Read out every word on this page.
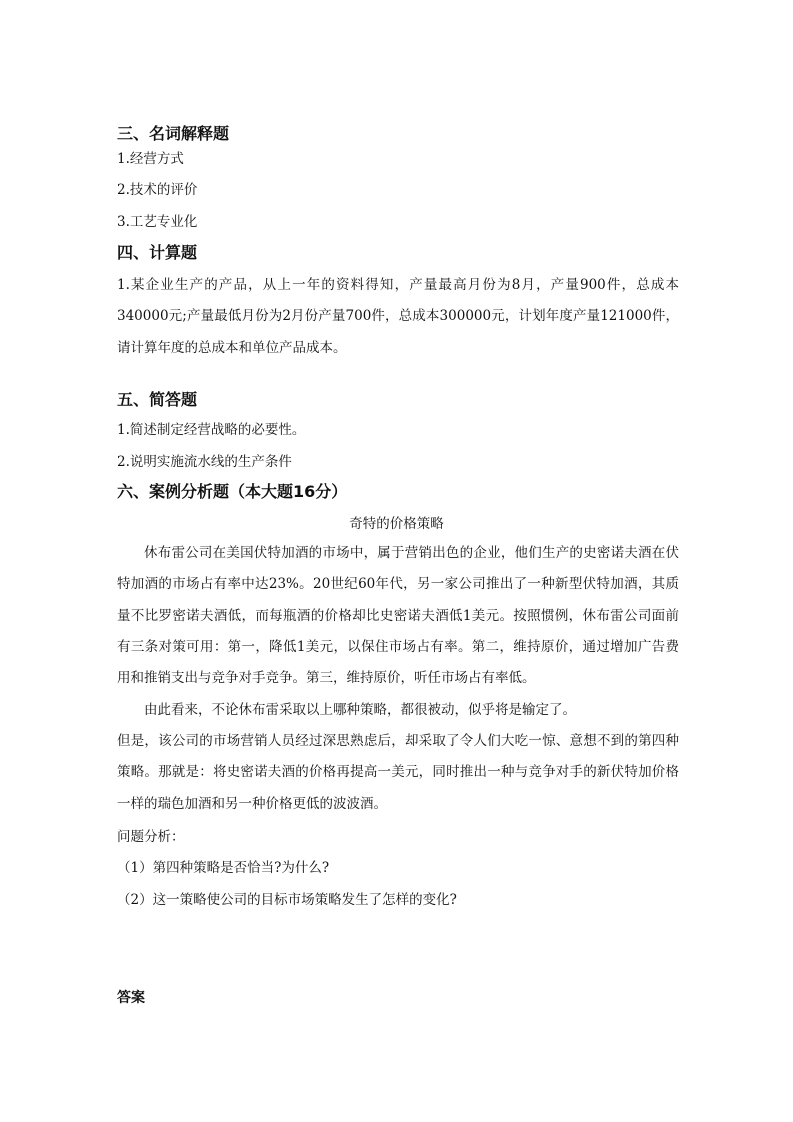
三、名词解释题
1.经营方式
2.技术的评价
3.工艺专业化
四、计算题
1.某企业生产的产品，从上一年的资料得知，产量最高月份为8月，产量900件，总成本340000元;产量最低月份为2月份产量700件，总成本300000元，计划年度产量121000件，请计算年度的总成本和单位产品成本。
五、简答题
1.简述制定经营战略的必要性。
2.说明实施流水线的生产条件
六、案例分析题（本大题16分）
奇特的价格策略
休布雷公司在美国伏特加酒的市场中，属于营销出色的企业，他们生产的史密诺夫酒在伏特加酒的市场占有率中达23%。20世纪60年代，另一家公司推出了一种新型伏特加酒，其质量不比罗密诺夫酒低，而每瓶酒的价格却比史密诺夫酒低1美元。按照惯例，休布雷公司面前有三条对策可用：第一，降低1美元，以保住市场占有率。第二，维持原价，通过增加广告费用和推销支出与竞争对手竞争。第三，维持原价，听任市场占有率低。
由此看来，不论休布雷采取以上哪种策略，都很被动，似乎将是输定了。
但是，该公司的市场营销人员经过深思熟虑后，却采取了令人们大吃一惊、意想不到的第四种策略。那就是：将史密诺夫酒的价格再提高一美元，同时推出一种与竞争对手的新伏特加价格一样的瑞色加酒和另一种价格更低的波波酒。
问题分析：
（1）第四种策略是否恰当?为什么?
（2）这一策略使公司的目标市场策略发生了怎样的变化?
答案
